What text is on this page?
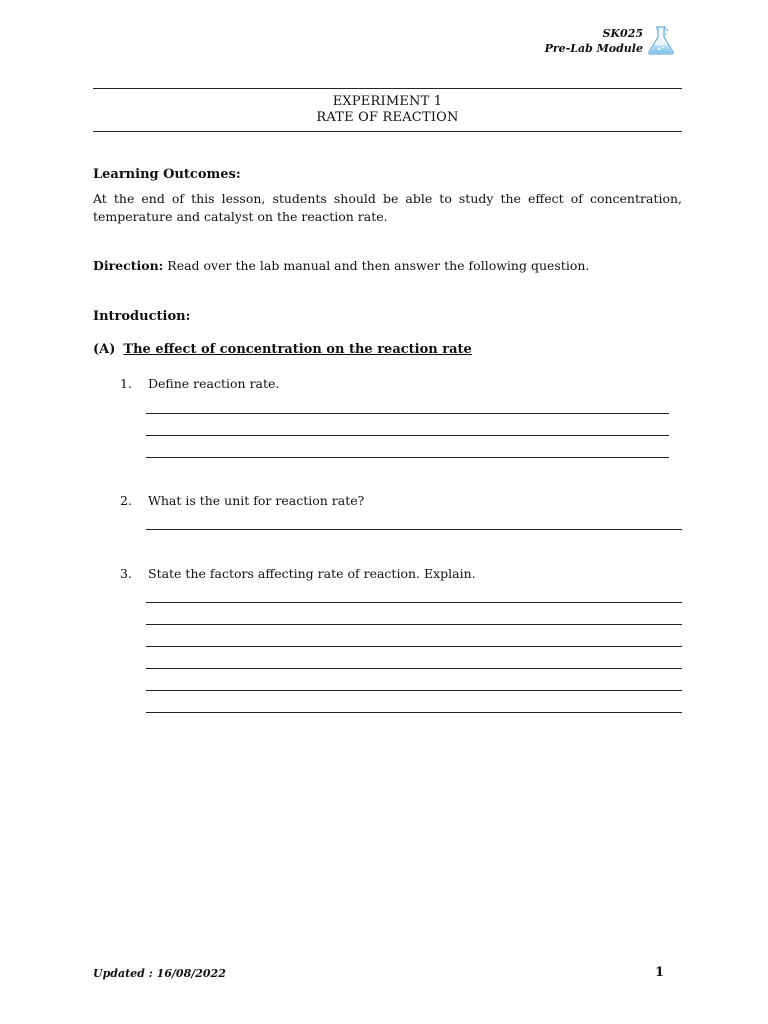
SK025
Pre-Lab Module
EXPERIMENT 1
RATE OF REACTION
Learning Outcomes:
At the end of this lesson, students should be able to study the effect of concentration, temperature and catalyst on the reaction rate.
Direction: Read over the lab manual and then answer the following question.
Introduction:
(A) The effect of concentration on the reaction rate
1. Define reaction rate.
2. What is the unit for reaction rate?
3. State the factors affecting rate of reaction. Explain.
Updated : 16/08/2022	1
